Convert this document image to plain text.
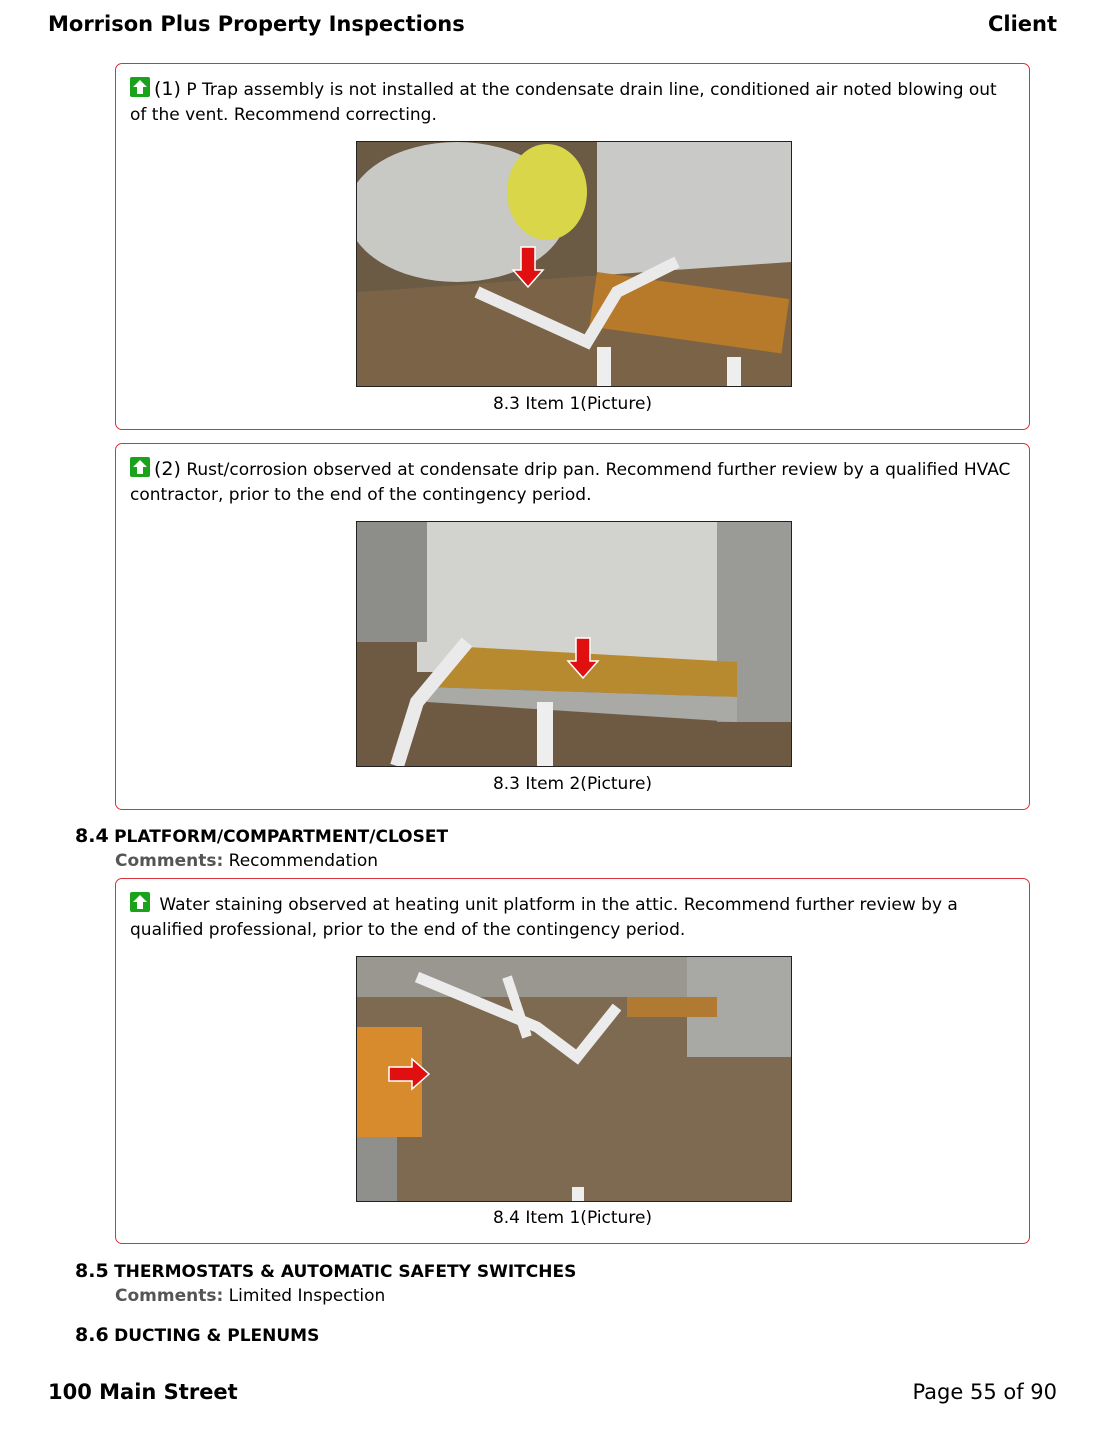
Morrison Plus Property Inspections	Client
(1) P Trap assembly is not installed at the condensate drain line, conditioned air noted blowing out of the vent. Recommend correcting.
8.3 Item 1(Picture)
(2) Rust/corrosion observed at condensate drip pan. Recommend further review by a qualified HVAC contractor, prior to the end of the contingency period.
8.3 Item 2(Picture)
8.4 PLATFORM/COMPARTMENT/CLOSET
Comments: Recommendation
Water staining observed at heating unit platform in the attic. Recommend further review by a qualified professional, prior to the end of the contingency period.
8.4 Item 1(Picture)
8.5 THERMOSTATS & AUTOMATIC SAFETY SWITCHES
Comments: Limited Inspection
8.6 DUCTING & PLENUMS
100 Main Street	Page 55 of 90
